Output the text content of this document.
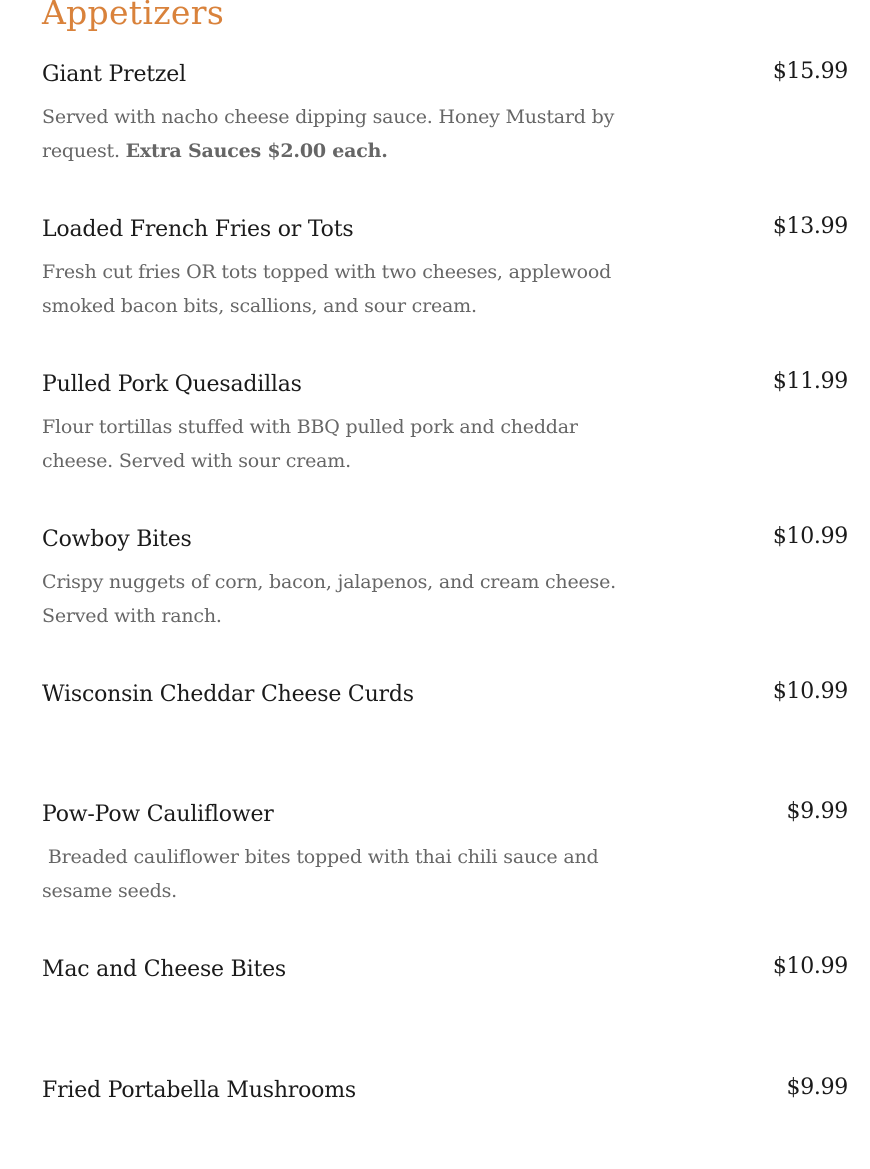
Appetizers
Giant Pretzel	$15.99

Served with nacho cheese dipping sauce. Honey Mustard by request. Extra Sauces $2.00 each.

Loaded French Fries or Tots	$13.99

Fresh cut fries OR tots topped with two cheeses, applewood smoked bacon bits, scallions, and sour cream.

Pulled Pork Quesadillas	$11.99

Flour tortillas stuffed with BBQ pulled pork and cheddar cheese. Served with sour cream.

Cowboy Bites	$10.99

Crispy nuggets of corn, bacon, jalapenos, and cream cheese. Served with ranch.

Wisconsin Cheddar Cheese Curds	$10.99
Pow-Pow Cauliflower	$9.99

Breaded cauliflower bites topped with thai chili sauce and sesame seeds.

Mac and Cheese Bites	$10.99
Fried Portabella Mushrooms	$9.99
